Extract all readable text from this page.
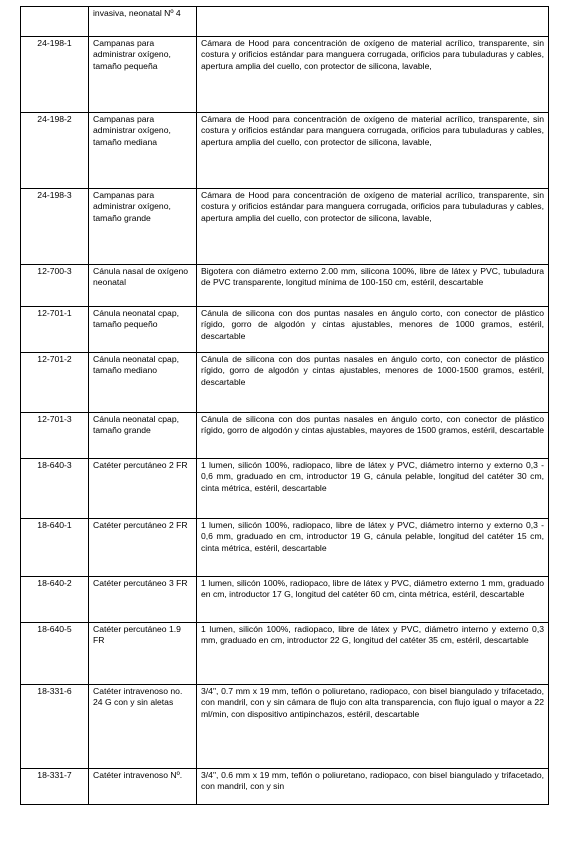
	invasiva, neonatal Nº 4	
24-198-1	Campanas para administrar oxígeno, tamaño pequeña	Cámara de Hood para concentración de oxígeno de material acrílico, transparente, sin costura y orificios estándar para manguera corrugada, orificios para tubuladuras y cables, apertura amplia del cuello, con protector de silicona, lavable,
24-198-2	Campanas para administrar oxígeno, tamaño mediana	Cámara de Hood para concentración de oxígeno de material acrílico, transparente, sin costura y orificios estándar para manguera corrugada, orificios para tubuladuras y cables, apertura amplia del cuello, con protector de silicona, lavable,
24-198-3	Campanas para administrar oxígeno, tamaño grande	Cámara de Hood para concentración de oxígeno de material acrílico, transparente, sin costura y orificios estándar para manguera corrugada, orificios para tubuladuras y cables, apertura amplia del cuello, con protector de silicona, lavable,
12-700-3	Cánula nasal de oxígeno neonatal	Bigotera con diámetro externo 2.00 mm, silicona 100%, libre de látex y PVC, tubuladura de PVC transparente, longitud mínima de 100-150 cm, estéril, descartable
12-701-1	Cánula neonatal cpap, tamaño pequeño	Cánula de silicona con dos puntas nasales en ángulo corto, con conector de plástico rígido, gorro de algodón y cintas ajustables, menores de 1000 gramos, estéril, descartable
12-701-2	Cánula neonatal cpap, tamaño mediano	Cánula de silicona con dos puntas nasales en ángulo corto, con conector de plástico rígido, gorro de algodón y cintas ajustables, menores de 1000-1500 gramos, estéril, descartable
12-701-3	Cánula neonatal cpap, tamaño grande	Cánula de silicona con dos puntas nasales en ángulo corto, con conector de plástico rígido, gorro de algodón y cintas ajustables, mayores de 1500 gramos, estéril, descartable
18-640-3	Catéter percutáneo 2 FR	1 lumen, silicón 100%, radiopaco, libre de látex y PVC, diámetro interno y externo 0,3 - 0,6 mm, graduado en cm, introductor 19 G, cánula pelable, longitud del catéter 30 cm, cinta métrica, estéril, descartable
18-640-1	Catéter percutáneo 2 FR	1 lumen, silicón 100%, radiopaco, libre de látex y PVC, diámetro interno y externo 0,3 - 0,6 mm, graduado en cm, introductor 19 G, cánula pelable, longitud del catéter 15 cm, cinta métrica, estéril, descartable
18-640-2	Catéter percutáneo 3 FR	1 lumen, silicón 100%, radiopaco, libre de látex y PVC, diámetro externo 1 mm, graduado en cm, introductor 17 G, longitud del catéter 60 cm, cinta métrica, estéril, descartable
18-640-5	Catéter percutáneo 1.9 FR	1 lumen, silicón 100%, radiopaco, libre de látex y PVC, diámetro interno y externo 0,3 mm, graduado en cm, introductor 22 G, longitud del catéter 35 cm, estéril, descartable
18-331-6	Catéter intravenoso no. 24 G con y sin aletas	3/4", 0.7 mm x 19 mm, teflón o poliuretano, radiopaco, con bisel biangulado y trifacetado, con mandril, con y sin cámara de flujo con alta transparencia, con flujo igual o mayor a 22 ml/min, con dispositivo antipinchazos, estéril, descartable
18-331-7	Catéter intravenoso Nº.	3/4", 0.6 mm x 19 mm, teflón o poliuretano, radiopaco, con bisel biangulado y trifacetado, con mandril, con y sin
